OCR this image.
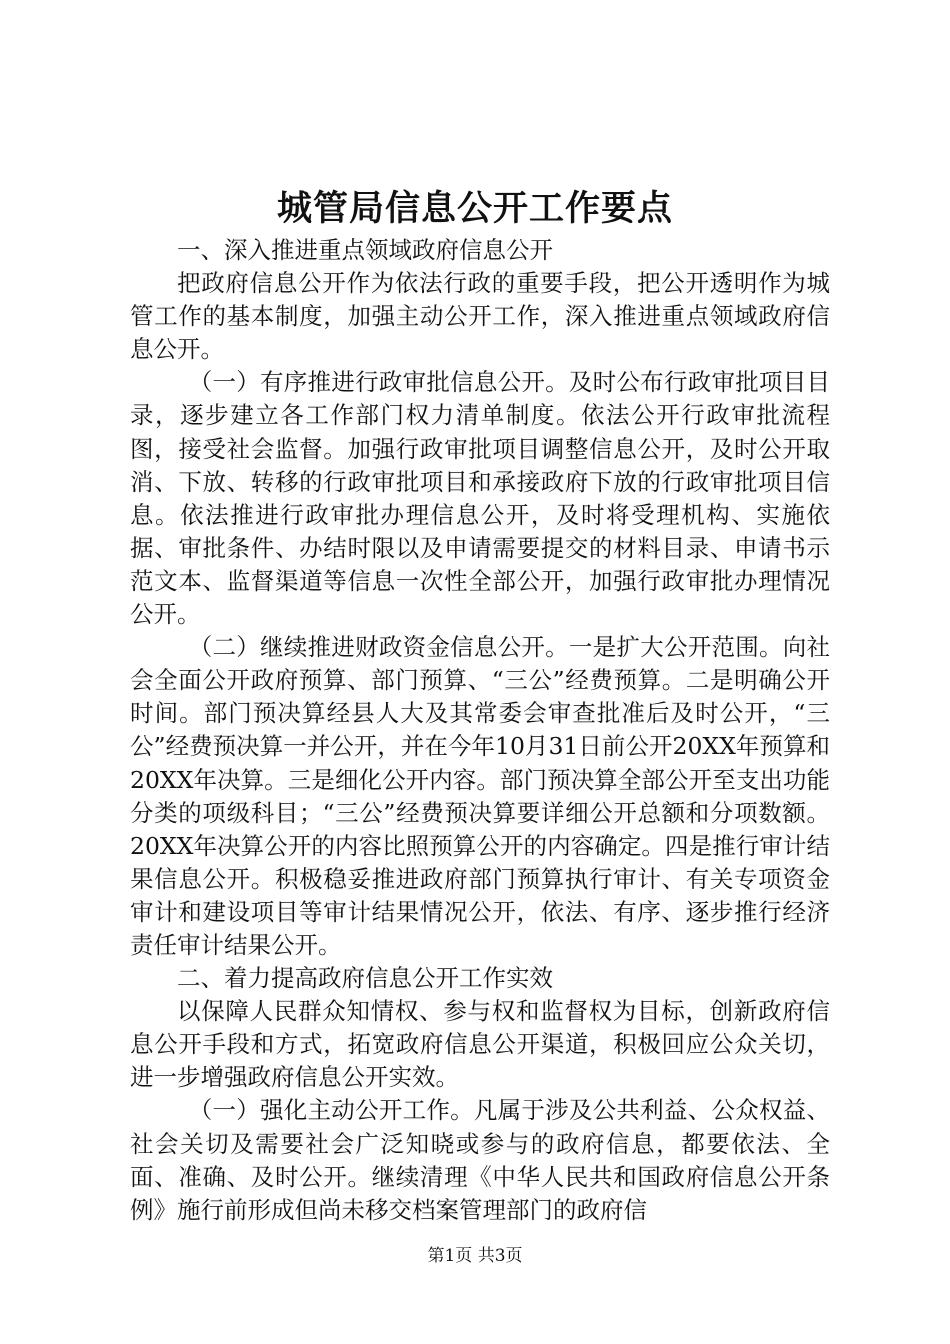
城管局信息公开工作要点

一、深入推进重点领域政府信息公开

把政府信息公开作为依法行政的重要手段，把公开透明作为城管工作的基本制度，加强主动公开工作，深入推进重点领域政府信息公开。

（一）有序推进行政审批信息公开。及时公布行政审批项目目录，逐步建立各工作部门权力清单制度。依法公开行政审批流程图，接受社会监督。加强行政审批项目调整信息公开，及时公开取消、下放、转移的行政审批项目和承接政府下放的行政审批项目信息。依法推进行政审批办理信息公开，及时将受理机构、实施依据、审批条件、办结时限以及申请需要提交的材料目录、申请书示范文本、监督渠道等信息一次性全部公开，加强行政审批办理情况公开。

（二）继续推进财政资金信息公开。一是扩大公开范围。向社会全面公开政府预算、部门预算、“三公”经费预算。二是明确公开时间。部门预决算经县人大及其常委会审查批准后及时公开，“三公”经费预决算一并公开，并在今年10月31日前公开20XX年预算和20XX年决算。三是细化公开内容。部门预决算全部公开至支出功能分类的项级科目；“三公”经费预决算要详细公开总额和分项数额。20XX年决算公开的内容比照预算公开的内容确定。四是推行审计结果信息公开。积极稳妥推进政府部门预算执行审计、有关专项资金审计和建设项目等审计结果情况公开，依法、有序、逐步推行经济责任审计结果公开。

二、着力提高政府信息公开工作实效

以保障人民群众知情权、参与权和监督权为目标，创新政府信息公开手段和方式，拓宽政府信息公开渠道，积极回应公众关切，进一步增强政府信息公开实效。

（一）强化主动公开工作。凡属于涉及公共利益、公众权益、社会关切及需要社会广泛知晓或参与的政府信息，都要依法、全面、准确、及时公开。继续清理《中华人民共和国政府信息公开条例》施行前形成但尚未移交档案管理部门的政府信

第1页 共3页
